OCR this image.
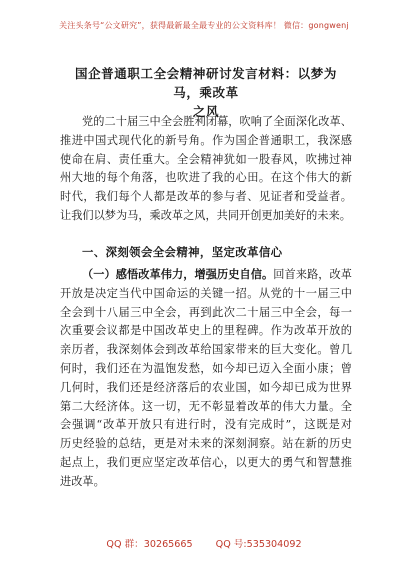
关注头条号“公文研究”，获得最新最全最专业的公文资料库！ 微信：gongwenj
国企普通职工全会精神研讨发言材料：以梦为马，乘改革
之风
党的二十届三中全会胜利闭幕，吹响了全面深化改革、
推进中国式现代化的新号角。作为国企普通职工，我深感
使命在肩、责任重大。全会精神犹如一股春风，吹拂过神
州大地的每个角落，也吹进了我的心田。在这个伟大的新
时代，我们每个人都是改革的参与者、见证者和受益者。
让我们以梦为马，乘改革之风，共同开创更加美好的未来。
一、深刻领会全会精神，坚定改革信心
（一）感悟改革伟力，增强历史自信。回首来路，改革
开放是决定当代中国命运的关键一招。从党的十一届三中
全会到十八届三中全会，再到此次二十届三中全会，每一
次重要会议都是中国改革史上的里程碑。作为改革开放的
亲历者，我深刻体会到改革给国家带来的巨大变化。曾几
何时，我们还在为温饱发愁，如今却已迈入全面小康；曾
几何时，我们还是经济落后的农业国，如今却已成为世界
第二大经济体。这一切，无不彰显着改革的伟大力量。全
会强调“改革开放只有进行时，没有完成时”，这既是对
历史经验的总结，更是对未来的深刻洞察。站在新的历史
起点上，我们更应坚定改革信心，以更大的勇气和智慧推
进改革。
QQ 群：30265665 QQ 号:535304092
